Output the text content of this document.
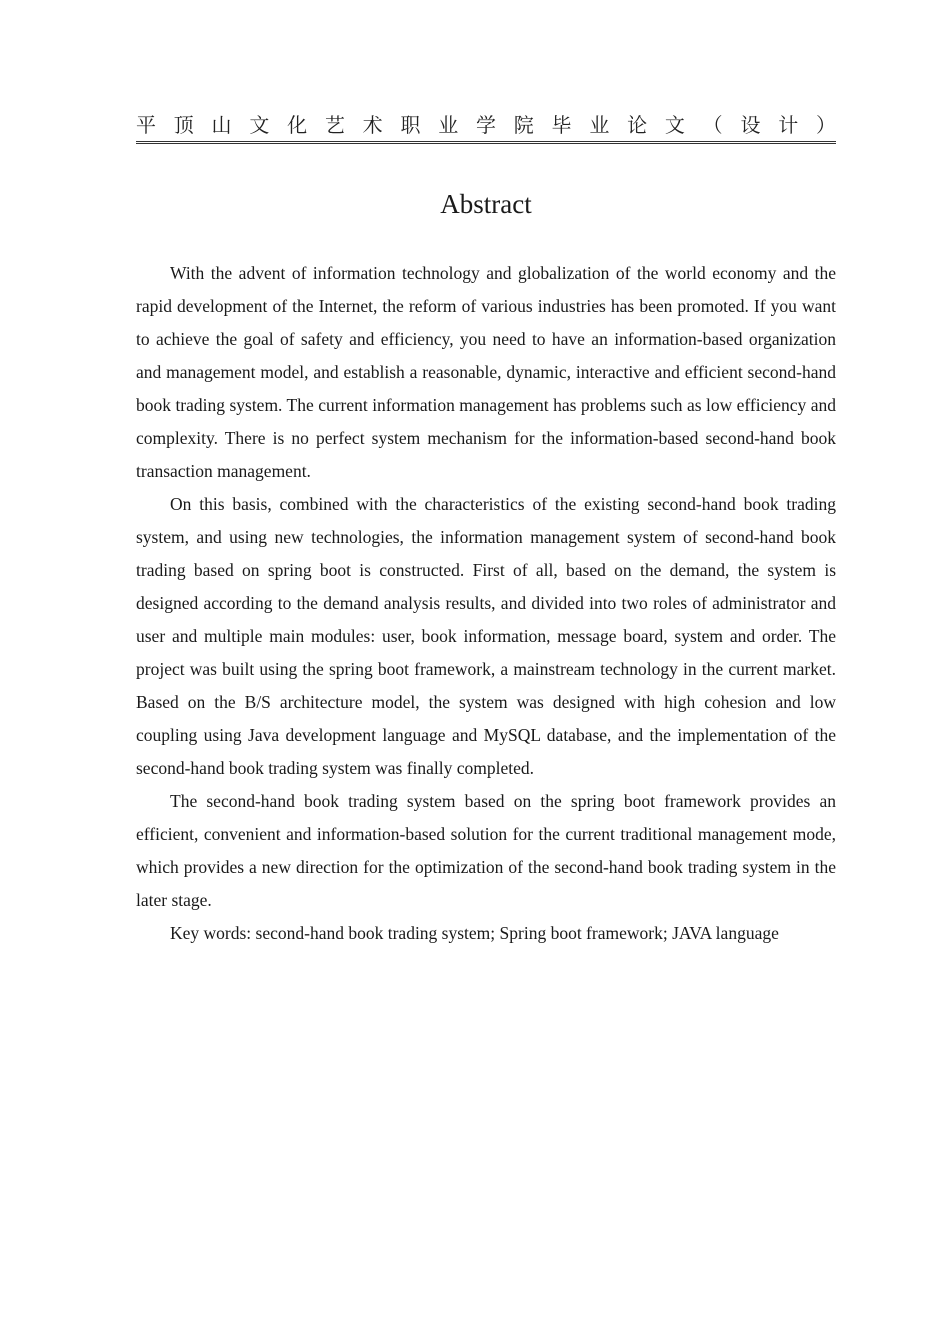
平顶山文化艺术职业学院毕业论文（设计）
Abstract

With the advent of information technology and globalization of the world economy and the rapid development of the Internet, the reform of various industries has been promoted. If you want to achieve the goal of safety and efficiency, you need to have an information-based organization and management model, and establish a reasonable, dynamic, interactive and efficient second-hand book trading system. The current information management has problems such as low efficiency and complexity. There is no perfect system mechanism for the information-based second-hand book transaction management.

On this basis, combined with the characteristics of the existing second-hand book trading system, and using new technologies, the information management system of second-hand book trading based on spring boot is constructed. First of all, based on the demand, the system is designed according to the demand analysis results, and divided into two roles of administrator and user and multiple main modules: user, book information, message board, system and order. The project was built using the spring boot framework, a mainstream technology in the current market. Based on the B/S architecture model, the system was designed with high cohesion and low coupling using Java development language and MySQL database, and the implementation of the second-hand book trading system was finally completed.

The second-hand book trading system based on the spring boot framework provides an efficient, convenient and information-based solution for the current traditional management mode, which provides a new direction for the optimization of the second-hand book trading system in the later stage.

Key words: second-hand book trading system; Spring boot framework; JAVA language
